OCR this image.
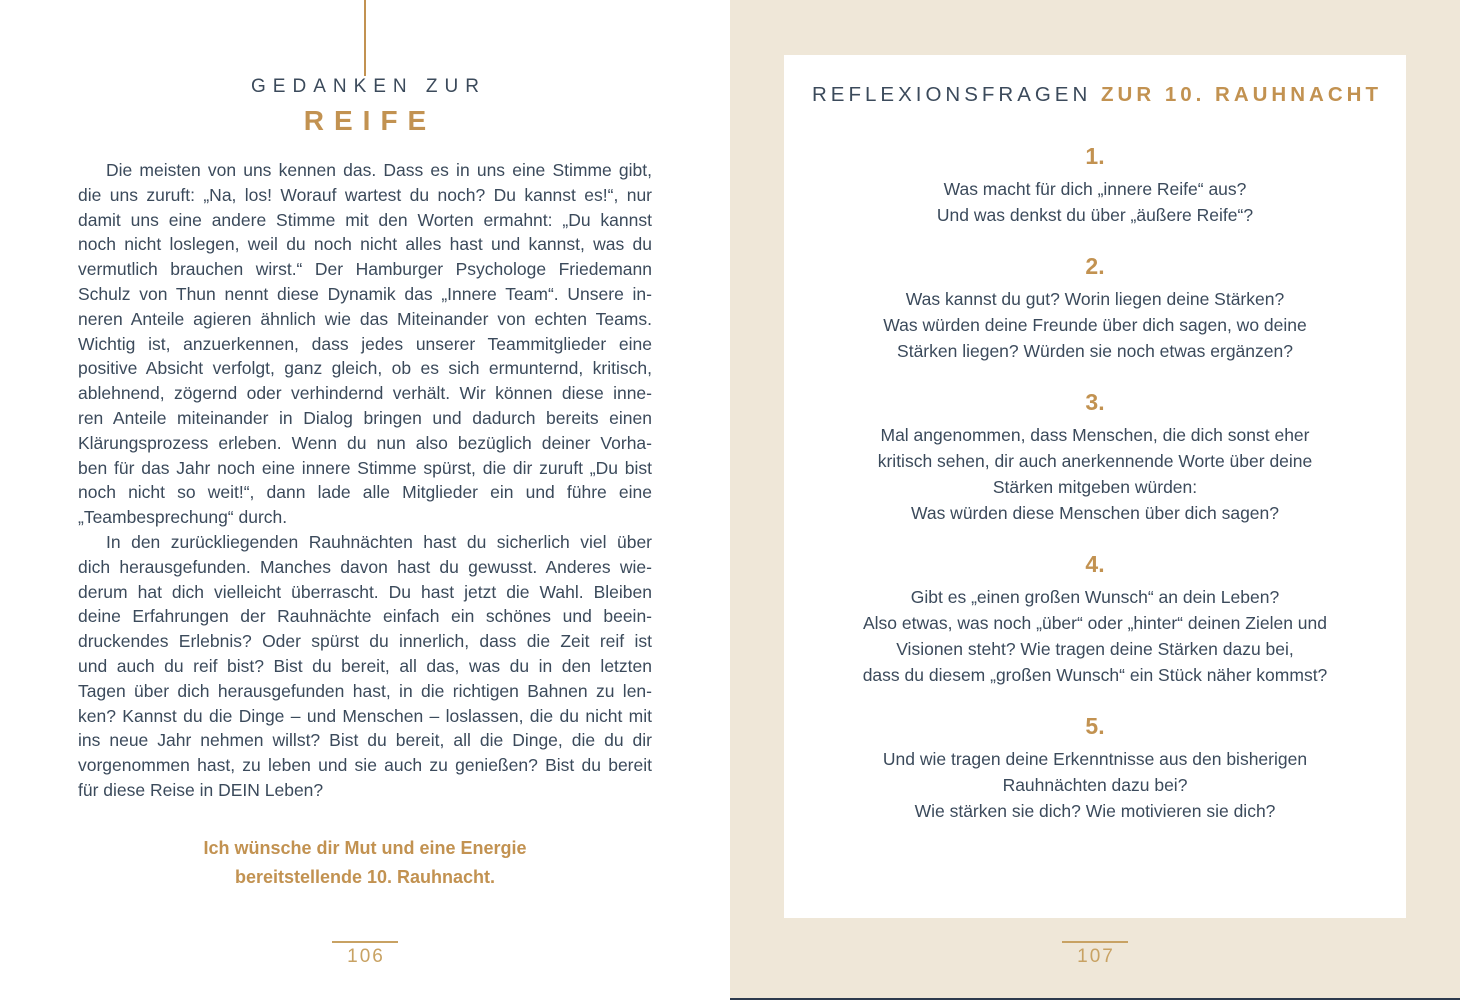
GEDANKEN ZUR
REIFE
Die meisten von uns kennen das. Dass es in uns eine Stimme gibt,
die uns zuruft: „Na, los! Worauf wartest du noch? Du kannst es!“, nur
damit uns eine andere Stimme mit den Worten ermahnt: „Du kannst
noch nicht loslegen, weil du noch nicht alles hast und kannst, was du
vermutlich brauchen wirst.“ Der Hamburger Psychologe Friedemann
Schulz von Thun nennt diese Dynamik das „Innere Team“. Unsere in-
neren Anteile agieren ähnlich wie das Miteinander von echten Teams.
Wichtig ist, anzuerkennen, dass jedes unserer Teammitglieder eine
positive Absicht verfolgt, ganz gleich, ob es sich ermunternd, kritisch,
ablehnend, zögernd oder verhindernd verhält. Wir können diese inne-
ren Anteile miteinander in Dialog bringen und dadurch bereits einen
Klärungsprozess erleben. Wenn du nun also bezüglich deiner Vorha-
ben für das Jahr noch eine innere Stimme spürst, die dir zuruft „Du bist
noch nicht so weit!“, dann lade alle Mitglieder ein und führe eine
„Teambesprechung“ durch.
In den zurückliegenden Rauhnächten hast du sicherlich viel über
dich herausgefunden. Manches davon hast du gewusst. Anderes wie-
derum hat dich vielleicht überrascht. Du hast jetzt die Wahl. Bleiben
deine Erfahrungen der Rauhnächte einfach ein schönes und beein-
druckendes Erlebnis? Oder spürst du innerlich, dass die Zeit reif ist
und auch du reif bist? Bist du bereit, all das, was du in den letzten
Tagen über dich herausgefunden hast, in die richtigen Bahnen zu len-
ken? Kannst du die Dinge – und Menschen – loslassen, die du nicht mit
ins neue Jahr nehmen willst? Bist du bereit, all die Dinge, die du dir
vorgenommen hast, zu leben und sie auch zu genießen? Bist du bereit
für diese Reise in DEIN Leben?
Ich wünsche dir Mut und eine Energie
bereitstellende 10. Rauhnacht.
106
REFLEXIONSFRAGEN ZUR 10. RAUHNACHT
1.
Was macht für dich „innere Reife“ aus?
Und was denkst du über „äußere Reife“?
2.
Was kannst du gut? Worin liegen deine Stärken?
Was würden deine Freunde über dich sagen, wo deine
Stärken liegen? Würden sie noch etwas ergänzen?
3.
Mal angenommen, dass Menschen, die dich sonst eher
kritisch sehen, dir auch anerkennende Worte über deine
Stärken mitgeben würden:
Was würden diese Menschen über dich sagen?
4.
Gibt es „einen großen Wunsch“ an dein Leben?
Also etwas, was noch „über“ oder „hinter“ deinen Zielen und
Visionen steht? Wie tragen deine Stärken dazu bei,
dass du diesem „großen Wunsch“ ein Stück näher kommst?
5.
Und wie tragen deine Erkenntnisse aus den bisherigen
Rauhnächten dazu bei?
Wie stärken sie dich? Wie motivieren sie dich?
107
